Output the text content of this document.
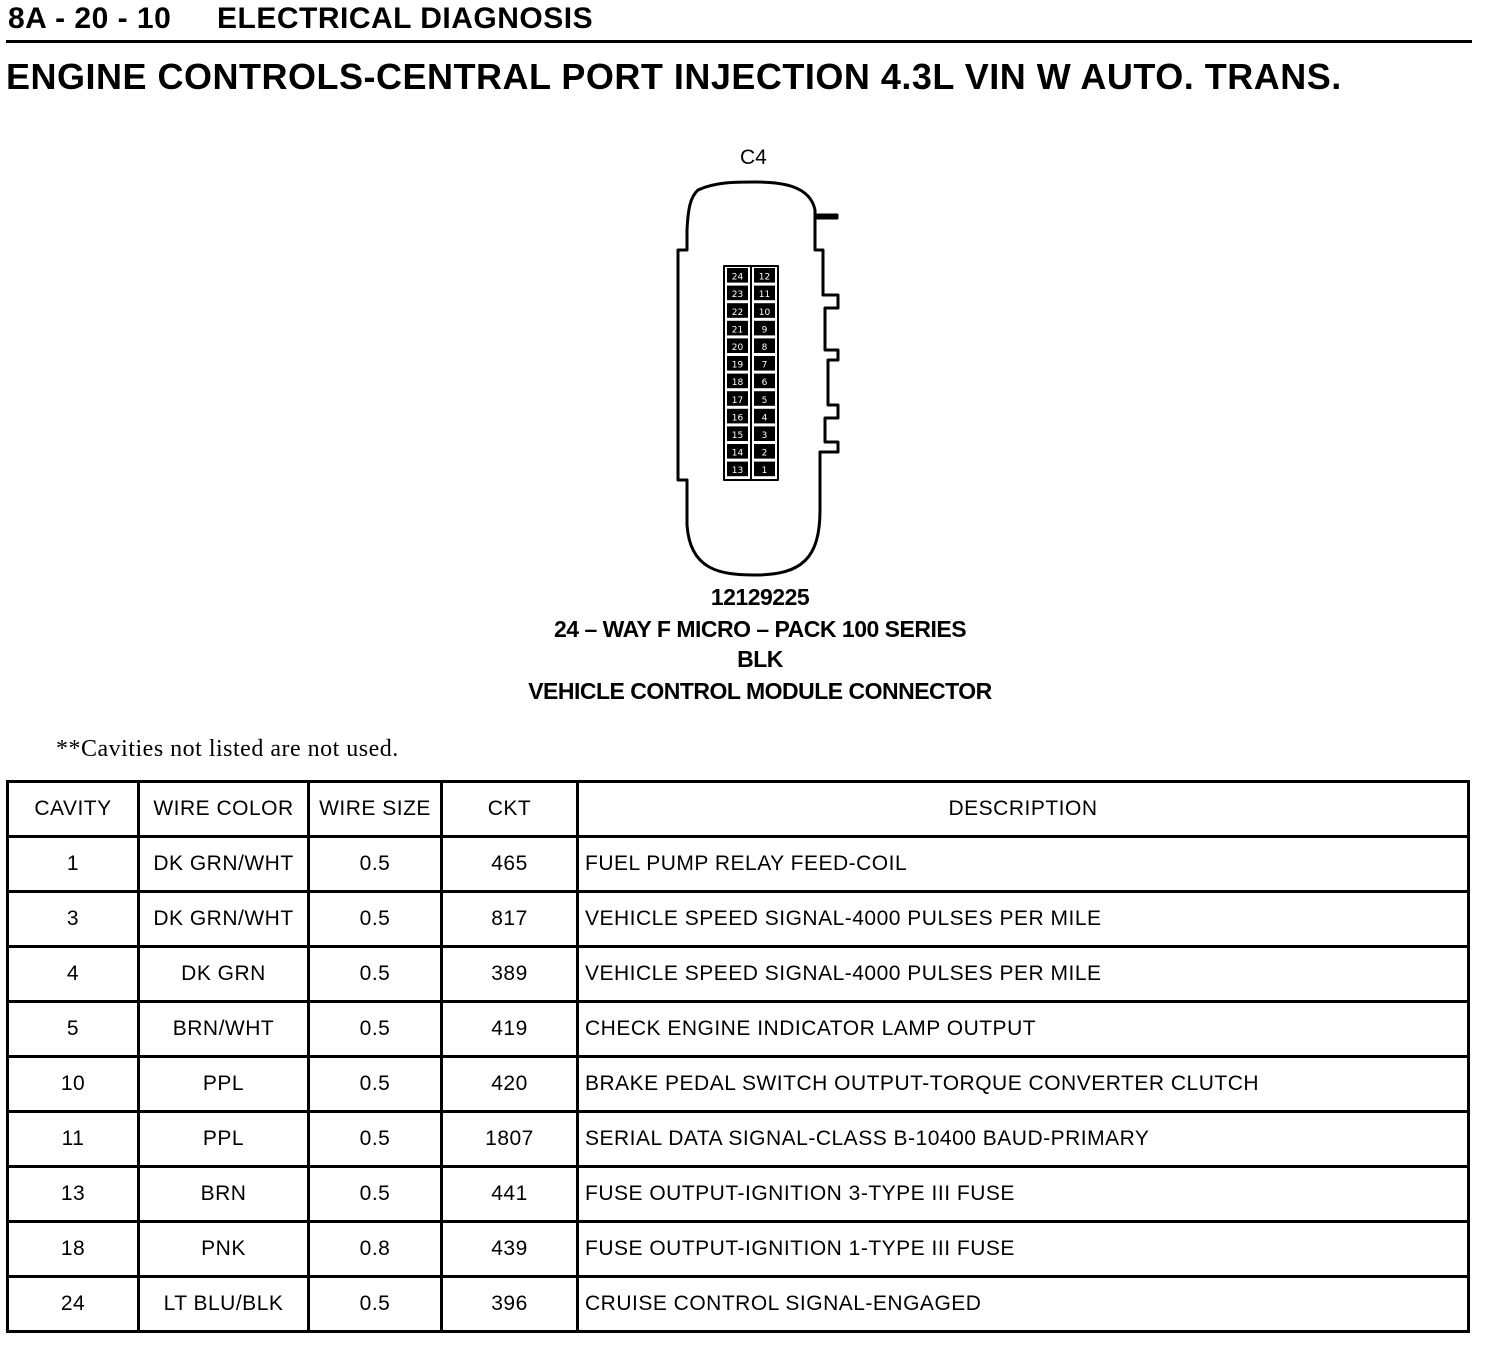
8A - 20 - 10 ELECTRICAL DIAGNOSIS
ENGINE CONTROLS-CENTRAL PORT INJECTION 4.3L VIN W AUTO. TRANS.
C4
24
23
22
21
20
19
18
17
16
15
14
13
12
11
10
9
8
7
6
5
4
3
2
1
12129225
24 – WAY F MICRO – PACK 100 SERIES
BLK
VEHICLE CONTROL MODULE CONNECTOR
**Cavities not listed are not used.
CAVITY	WIRE COLOR	WIRE SIZE	CKT	DESCRIPTION
1	DK GRN/WHT	0.5	465	FUEL PUMP RELAY FEED-COIL
3	DK GRN/WHT	0.5	817	VEHICLE SPEED SIGNAL-4000 PULSES PER MILE
4	DK GRN	0.5	389	VEHICLE SPEED SIGNAL-4000 PULSES PER MILE
5	BRN/WHT	0.5	419	CHECK ENGINE INDICATOR LAMP OUTPUT
10	PPL	0.5	420	BRAKE PEDAL SWITCH OUTPUT-TORQUE CONVERTER CLUTCH
11	PPL	0.5	1807	SERIAL DATA SIGNAL-CLASS B-10400 BAUD-PRIMARY
13	BRN	0.5	441	FUSE OUTPUT-IGNITION 3-TYPE III FUSE
18	PNK	0.8	439	FUSE OUTPUT-IGNITION 1-TYPE III FUSE
24	LT BLU/BLK	0.5	396	CRUISE CONTROL SIGNAL-ENGAGED
